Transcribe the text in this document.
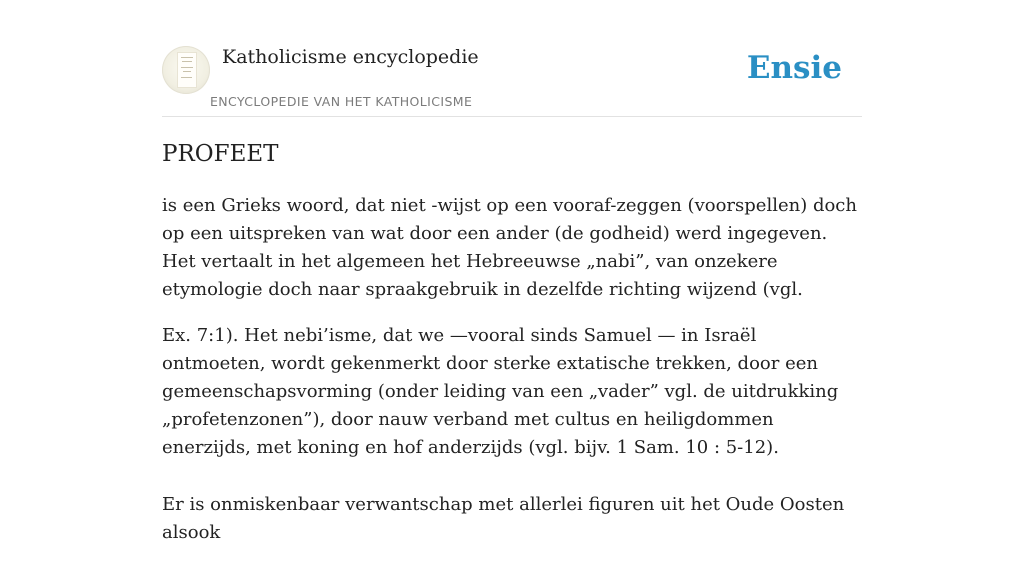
Katholicisme encyclopedie
ENCYCLOPEDIE VAN HET KATHOLICISME
Ensie
PROFEET

is een Grieks woord, dat niet -wijst op een vooraf-zeggen (voorspellen) doch op een uitspreken van wat door een ander (de godheid) werd ingegeven. Het vertaalt in het algemeen het Hebreeuwse „nabi”, van onzekere etymologie doch naar spraakgebruik in dezelfde richting wijzend (vgl.

Ex. 7:1). Het nebi’isme, dat we —vooral sinds Samuel — in Israël ontmoeten, wordt gekenmerkt door sterke extatische trekken, door een gemeenschapsvorming (onder leiding van een „vader” vgl. de uitdrukking „profetenzonen”), door nauw verband met cultus en heiligdommen enerzijds, met koning en hof anderzijds (vgl. bijv. 1 Sam. 10 : 5-12).

Er is onmiskenbaar verwantschap met allerlei figuren uit het Oude Oosten alsook
